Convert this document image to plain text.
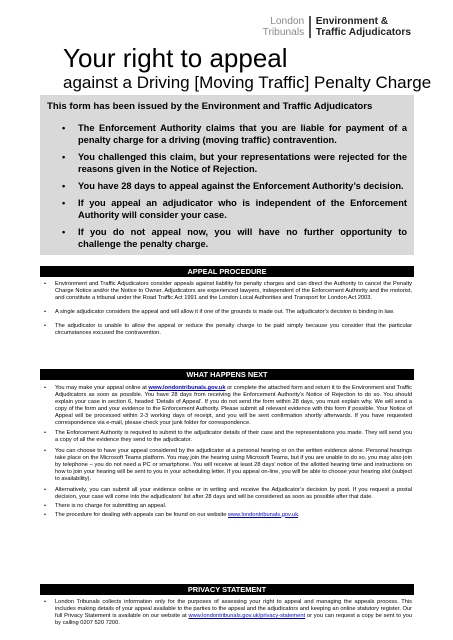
London
Tribunals
Environment &
Traffic Adjudicators
Your right to appeal
against a Driving [Moving Traffic] Penalty Charge
This form has been issued by the Environment and Traffic Adjudicators
• The Enforcement Authority claims that you are liable for payment of a penalty charge for a driving (moving traffic) contravention.
• You challenged this claim, but your representations were rejected for the reasons given in the Notice of Rejection.
• You have 28 days to appeal against the Enforcement Authority’s decision.
• If you appeal an adjudicator who is independent of the Enforcement Authority will consider your case.
• If you do not appeal now, you will have no further opportunity to challenge the penalty charge.
APPEAL PROCEDURE
• Environment and Traffic Adjudicators consider appeals against liability for penalty charges and can direct the Authority to cancel the Penalty Charge Notice and/or the Notice to Owner. Adjudicators are experienced lawyers, independent of the Enforcement Authority and the motorist, and constitute a tribunal under the Road Traffic Act 1991 and the London Local Authorities and Transport for London Act 2003.
• A single adjudicator considers the appeal and will allow it if one of the grounds is made out. The adjudicator’s decision is binding in law.
• The adjudicator is unable to allow the appeal or reduce the penalty charge to be paid simply because you consider that the particular circumstances excused the contravention.
WHAT HAPPENS NEXT
• You may make your appeal online at www.londontribunals.gov.uk or complete the attached form and return it to the Environment and Traffic Adjudicators as soon as possible. You have 28 days from receiving the Enforcement Authority’s Notice of Rejection to do so. You should explain your case in section 6, headed ‘Details of Appeal’. If you do not send the form within 28 days, you must explain why. We will send a copy of the form and your evidence to the Enforcement Authority. Please submit all relevant evidence with this form if possible. Your Notice of Appeal will be processed within 2-3 working days of receipt, and you will be sent confirmation shortly afterwards. If you have requested correspondence via e-mail, please check your junk folder for correspondence.
• The Enforcement Authority is required to submit to the adjudicator details of their case and the representations you made. They will send you a copy of all the evidence they send to the adjudicator.
• You can choose to have your appeal considered by the adjudicator at a personal hearing or on the written evidence alone. Personal hearings take place on the Microsoft Teams platform. You may join the hearing using Microsoft Teams, but if you are unable to do so, you may also join by telephone – you do not need a PC or smartphone. You will receive at least 28 days’ notice of the allotted hearing time and instructions on how to join your hearing will be sent to you in your scheduling letter. If you appeal on-line, you will be able to choose your hearing slot (subject to availability).
• Alternatively, you can submit all your evidence online or in writing and receive the Adjudicator’s decision by post. If you request a postal decision, your case will come into the adjudicators’ list after 28 days and will be considered as soon as possible after that date.
• There is no charge for submitting an appeal.
• The procedure for dealing with appeals can be found on our website www.londontribunals.gov.uk.
PRIVACY STATEMENT
• London Tribunals collects information only for the purposes of assessing your right to appeal and managing the appeals process. This includes making details of your appeal available to the parties to the appeal and the adjudicators and keeping an online statutory register. Our full Privacy Statement is available on our website at www.londontribunals.gov.uk/privacy-statement or you can request a copy be sent to you by calling 0207 520 7200.
